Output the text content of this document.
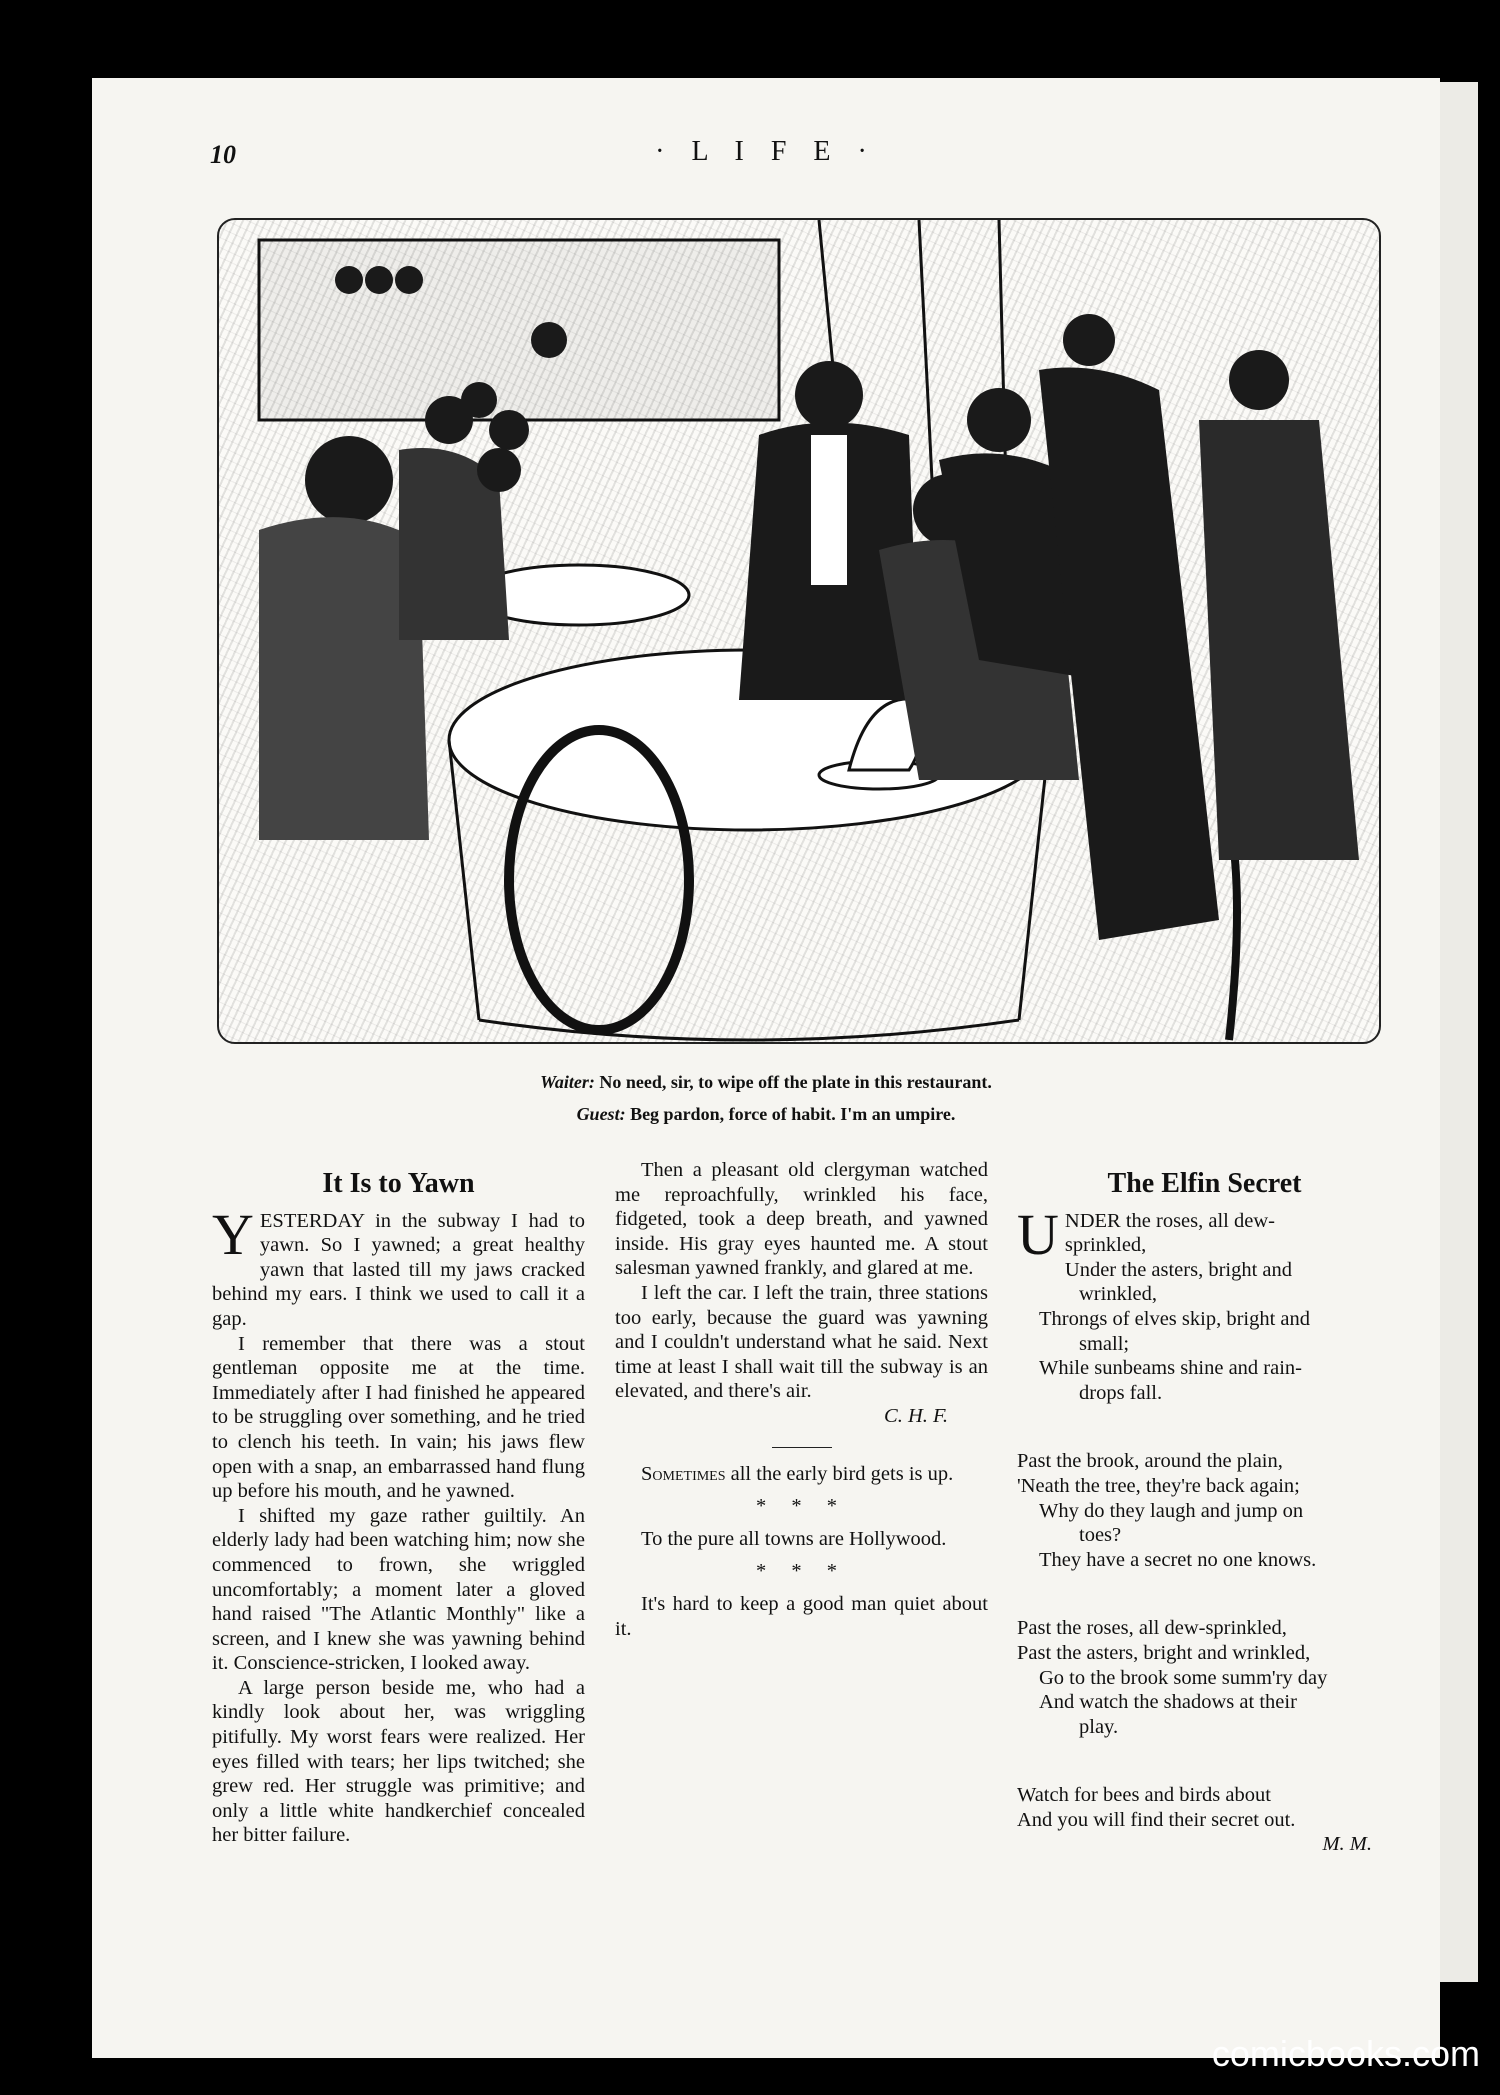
10	· L I F E ·
Waiter: No need, sir, to wipe off the plate in this restaurant.
Guest: Beg pardon, force of habit. I'm an umpire.
It Is to Yawn

YESTERDAY in the subway I had to yawn. So I yawned; a great healthy yawn that lasted till my jaws cracked behind my ears. I think we used to call it a gap.

I remember that there was a stout gentleman opposite me at the time. Immediately after I had finished he appeared to be struggling over something, and he tried to clench his teeth. In vain; his jaws flew open with a snap, an embarrassed hand flung up before his mouth, and he yawned.

I shifted my gaze rather guiltily. An elderly lady had been watching him; now she commenced to frown, she wriggled uncomfortably; a moment later a gloved hand raised "The Atlantic Monthly" like a screen, and I knew she was yawning behind it. Conscience-stricken, I looked away.

A large person beside me, who had a kindly look about her, was wriggling pitifully. My worst fears were realized. Her eyes filled with tears; her lips twitched; she grew red. Her struggle was primitive; and only a little white handkerchief concealed her bitter failure.

Then a pleasant old clergyman watched me reproachfully, wrinkled his face, fidgeted, took a deep breath, and yawned inside. His gray eyes haunted me. A stout salesman yawned frankly, and glared at me.

I left the car. I left the train, three stations too early, because the guard was yawning and I couldn't understand what he said. Next time at least I shall wait till the subway is an elevated, and there's air.

C. H. F.

Sometimes all the early bird gets is up.

* * *

To the pure all towns are Hollywood.

* * *

It's hard to keep a good man quiet about it.

The Elfin Secret
UNDER the roses, all dew-
sprinkled,
Under the asters, bright and
wrinkled,
Throngs of elves skip, bright and
small;
While sunbeams shine and rain-
drops fall.
Past the brook, around the plain,
'Neath the tree, they're back again;
Why do they laugh and jump on
toes?
They have a secret no one knows.
Past the roses, all dew-sprinkled,
Past the asters, bright and wrinkled,
Go to the brook some summ'ry day
And watch the shadows at their
play.
Watch for bees and birds about
And you will find their secret out.
M. M.
comicbooks.com
